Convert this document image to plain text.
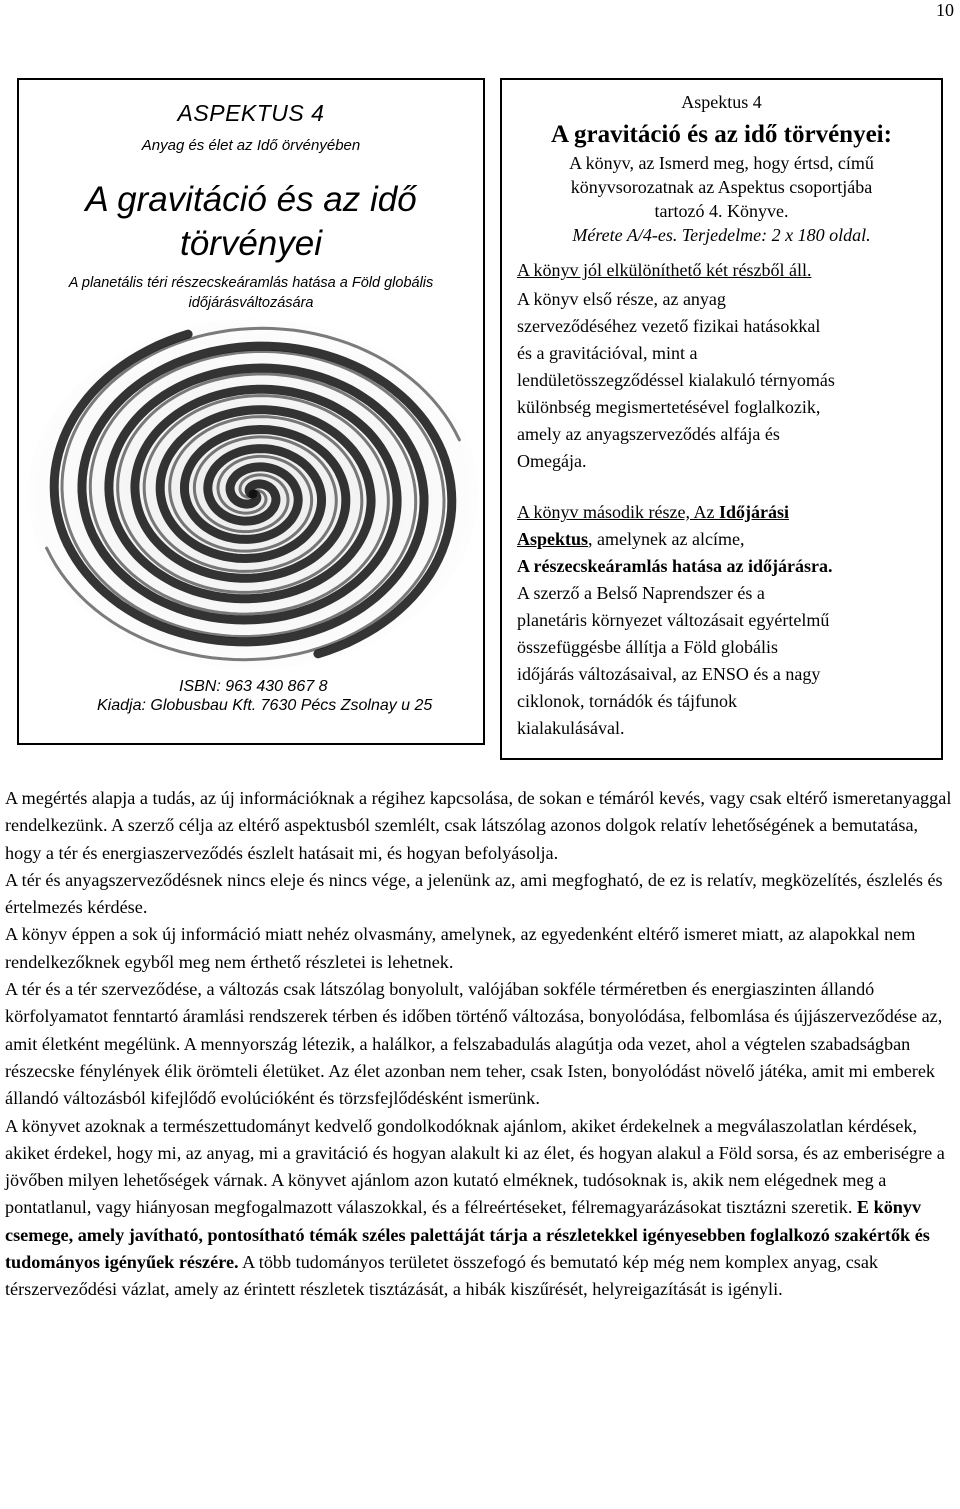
10
ASPEKTUS 4
Anyag és élet az Idő örvényében
A gravitáció és az idő
törvényei
A planetális téri részecskeáramlás hatása a Föld globális
időjárásváltozására
ISBN: 963 430 867 8
Kiadja: Globusbau Kft. 7630 Pécs Zsolnay u 25
Aspektus 4
A gravitáció és az idő törvényei:
A könyv, az Ismerd meg, hogy értsd, című
könyvsorozatnak az Aspektus csoportjába
tartozó 4. Könyve.
Mérete A/4-es. Terjedelme: 2 x 180 oldal.
A könyv jól elkülöníthető két részből áll.
A könyv első része, az anyag
szerveződéséhez vezető fizikai hatásokkal
és a gravitációval, mint a
lendületösszegződéssel kialakuló térnyomás
különbség megismertetésével foglalkozik,
amely az anyagszerveződés alfája és
Omegája.
A könyv második része, Az Időjárási
Aspektus, amelynek az alcíme,
A részecskeáramlás hatása az időjárásra.
A szerző a Belső Naprendszer és a
planetáris környezet változásait egyértelmű
összefüggésbe állítja a Föld globális
időjárás változásaival, az ENSO és a nagy
ciklonok, tornádók és tájfunok
kialakulásával.

A megértés alapja a tudás, az új információknak a régihez kapcsolása, de sokan e témáról kevés, vagy csak eltérő ismeretanyaggal rendelkezünk. A szerző célja az eltérő aspektusból szemlélt, csak látszólag azonos dolgok relatív lehetőségének a bemutatása, hogy a tér és energiaszerveződés észlelt hatásait mi, és hogyan befolyásolja.

A tér és anyagszerveződésnek nincs eleje és nincs vége, a jelenünk az, ami megfogható, de ez is relatív, megközelítés, észlelés és értelmezés kérdése.

A könyv éppen a sok új információ miatt nehéz olvasmány, amelynek, az egyedenként eltérő ismeret miatt, az alapokkal nem rendelkezőknek egyből meg nem érthető részletei is lehetnek.

A tér és a tér szerveződése, a változás csak látszólag bonyolult, valójában sokféle térméretben és energiaszinten állandó körfolyamatot fenntartó áramlási rendszerek térben és időben történő változása, bonyolódása, felbomlása és újjászerveződése az, amit életként megélünk. A mennyország létezik, a halálkor, a felszabadulás alagútja oda vezet, ahol a végtelen szabadságban részecske fénylények élik örömteli életüket. Az élet azonban nem teher, csak Isten, bonyolódást növelő játéka, amit mi emberek állandó változásból kifejlődő evolúcióként és törzsfejlődésként ismerünk.

A könyvet azoknak a természettudományt kedvelő gondolkodóknak ajánlom, akiket érdekelnek a megválaszolatlan kérdések, akiket érdekel, hogy mi, az anyag, mi a gravitáció és hogyan alakult ki az élet, és hogyan alakul a Föld sorsa, és az emberiségre a jövőben milyen lehetőségek várnak. A könyvet ajánlom azon kutató elméknek, tudósoknak is, akik nem elégednek meg a pontatlanul, vagy hiányosan megfogalmazott válaszokkal, és a félreértéseket, félremagyarázásokat tisztázni szeretik. E könyv csemege, amely javítható, pontosítható témák széles palettáját tárja a részletekkel igényesebben foglalkozó szakértők és tudományos igényűek részére. A több tudományos területet összefogó és bemutató kép még nem komplex anyag, csak térszerveződési vázlat, amely az érintett részletek tisztázását, a hibák kiszűrését, helyreigazítását is igényli.
